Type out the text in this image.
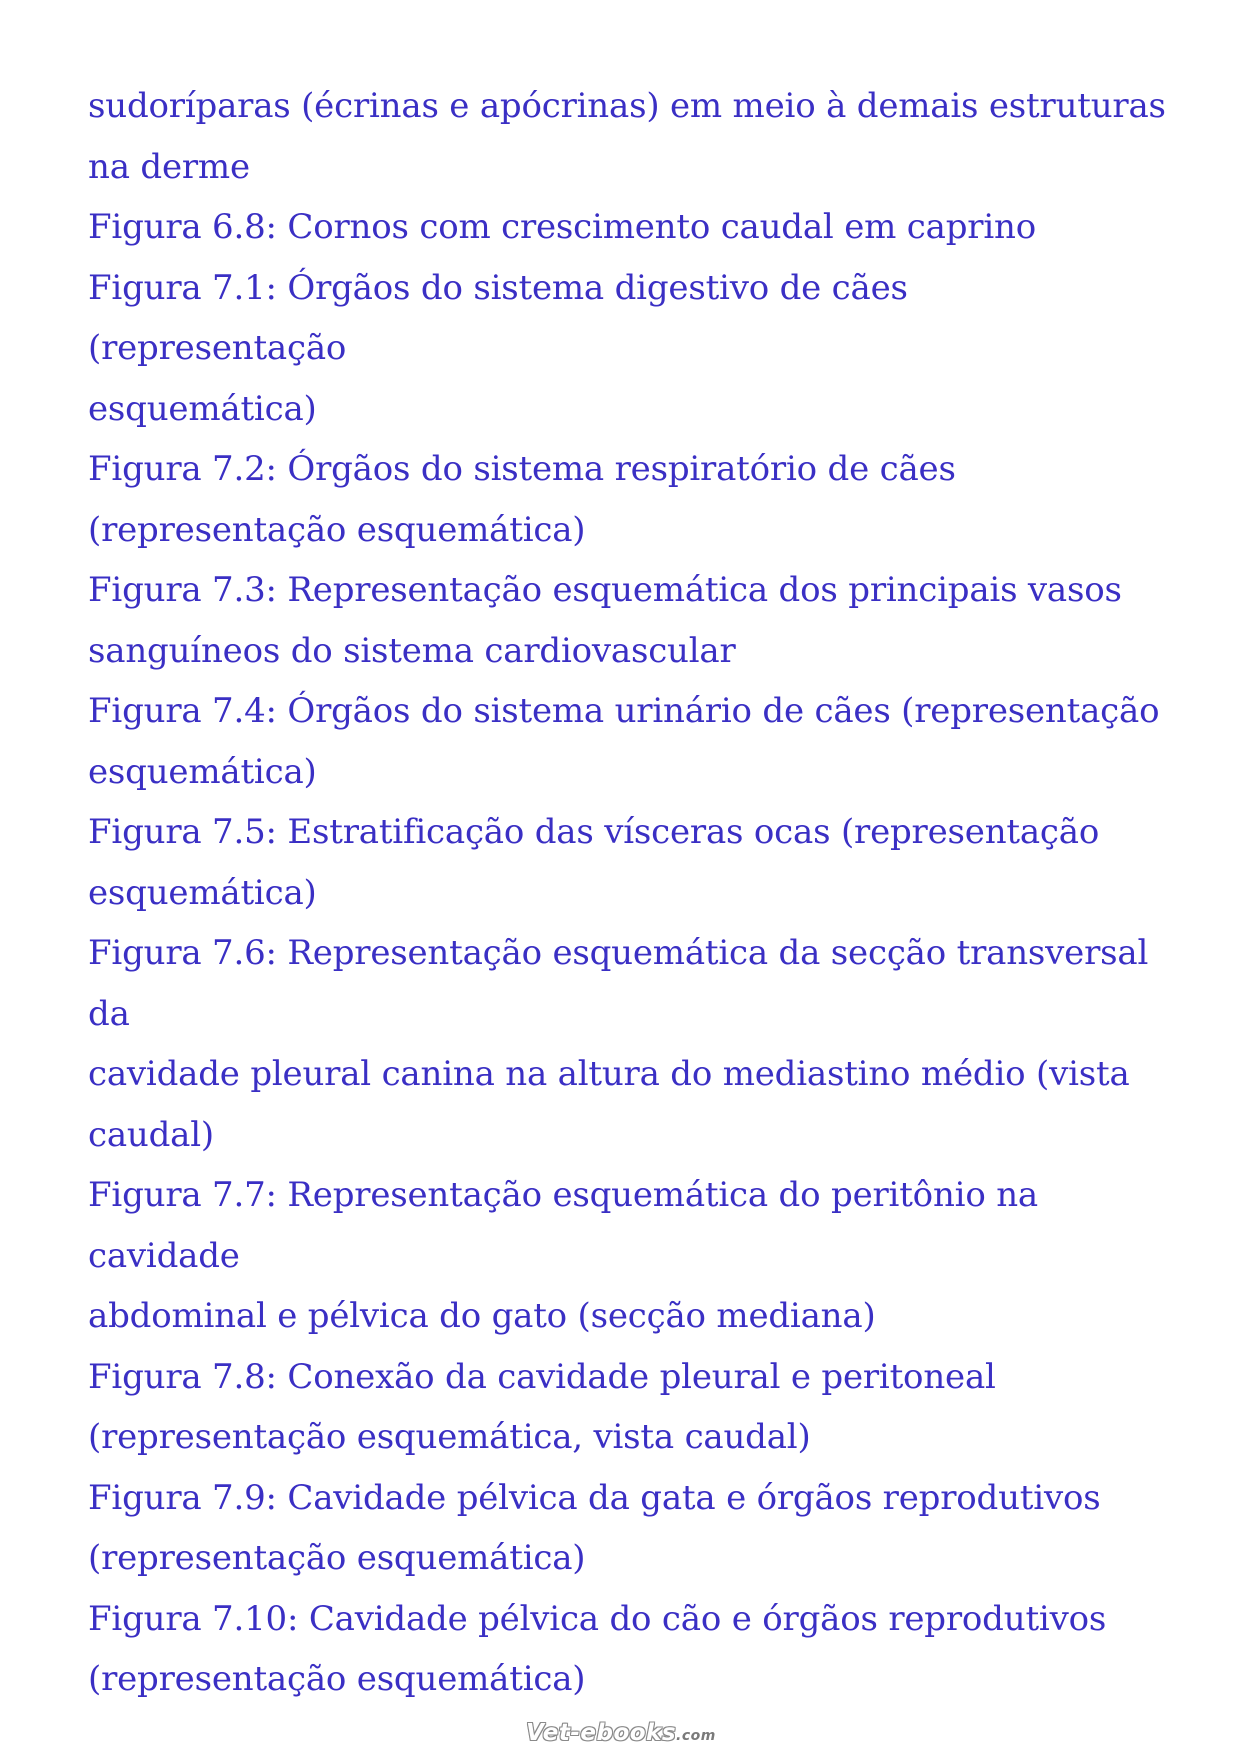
sudoríparas (écrinas e apócrinas) em meio à demais estruturas
na derme
Figura 6.8: Cornos com crescimento caudal em caprino
Figura 7.1: Órgãos do sistema digestivo de cães (representação
esquemática)
Figura 7.2: Órgãos do sistema respiratório de cães
(representação esquemática)
Figura 7.3: Representação esquemática dos principais vasos
sanguíneos do sistema cardiovascular
Figura 7.4: Órgãos do sistema urinário de cães (representação
esquemática)
Figura 7.5: Estratificação das vísceras ocas (representação
esquemática)
Figura 7.6: Representação esquemática da secção transversal da
cavidade pleural canina na altura do mediastino médio (vista
caudal)
Figura 7.7: Representação esquemática do peritônio na cavidade
abdominal e pélvica do gato (secção mediana)
Figura 7.8: Conexão da cavidade pleural e peritoneal
(representação esquemática, vista caudal)
Figura 7.9: Cavidade pélvica da gata e órgãos reprodutivos
(representação esquemática)
Figura 7.10: Cavidade pélvica do cão e órgãos reprodutivos
(representação esquemática)
Vet-ebooks.com
